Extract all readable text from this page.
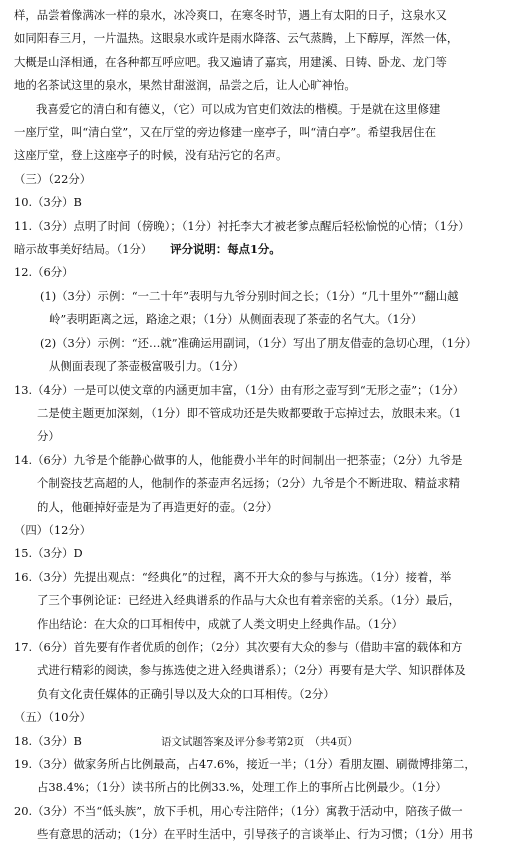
样，品尝着像满冰一样的泉水，冰冷爽口，在寒冬时节，遇上有太阳的日子，这泉水又
如同阳春三月，一片温热。这眼泉水或许是雨水降落、云气蒸腾，上下醇厚，浑然一体，
大概是山泽相通，在各种都互呼应吧。我又遍请了嘉宾，用建溪、日铸、卧龙、龙门等
地的名茶试这里的泉水，果然甘甜滋润，品尝之后，让人心旷神怡。
我喜爱它的清白和有德义，（它）可以成为官吏们效法的楷模。于是就在这里修建
一座厅堂，叫“清白堂”，又在厅堂的旁边修建一座亭子，叫“清白亭”。希望我居住在
这座厅堂，登上这座亭子的时候，没有玷污它的名声。
（三）（22分）
10.（3分）B
11.（3分）点明了时间（傍晚）；（1分）衬托李大才被老爹点醒后轻松愉悦的心情；（1分）
暗示故事美好结局。（1分） 评分说明：每点1分。
12.（6分）
(1)（3分）示例：“一二十年”表明与九爷分别时间之长；（1分）“几十里外”“翻山越
岭”表明距离之远，路途之艰；（1分）从侧面表现了茶壶的名气大。（1分）
(2)（3分）示例：“还…就”准确运用副词，（1分）写出了朋友借壶的急切心理，（1分）
从侧面表现了茶壶极富吸引力。（1分）
13.（4分）一是可以使文章的内涵更加丰富，（1分）由有形之壶写到“无形之壶”；（1分）
二是使主题更加深刻，（1分）即不管成功还是失败都要敢于忘掉过去，放眼未来。（1
分）
14.（6分）九爷是个能静心做事的人，他能费小半年的时间制出一把茶壶；（2分）九爷是
个制瓷技艺高超的人，他制作的茶壶声名远扬；（2分）九爷是个不断进取、精益求精
的人，他砸掉好壶是为了再造更好的壶。（2分）
（四）（12分）
15.（3分）D
16.（3分）先提出观点：“经典化”的过程，离不开大众的参与与拣选。（1分）接着，举
了三个事例论证：已经进入经典谱系的作品与大众也有着亲密的关系。（1分）最后，
作出结论：在大众的口耳相传中，成就了人类文明史上经典作品。（1分）
17.（6分）首先要有作者优质的创作；（2分）其次要有大众的参与（借助丰富的载体和方
式进行精彩的阅读，参与拣选使之进入经典谱系）；（2分）再要有是大学、知识群体及
负有文化责任媒体的正确引导以及大众的口耳相传。（2分）
（五）（10分）
18.（3分）B
19.（3分）做家务所占比例最高，占47.6%，接近一半；（1分）看朋友圈、刷微博排第二，
占38.4%；（1分）读书所占的比例33.%，处理工作上的事所占比例最少。（1分）
20.（3分）不当“低头族”，放下手机，用心专注陪伴；（1分）寓教于活动中，陪孩子做一
些有意思的活动；（1分）在平时生活中，引导孩子的言谈举止、行为习惯；（1分）用书
语文试题答案及评分参考第2页　（共4页）
